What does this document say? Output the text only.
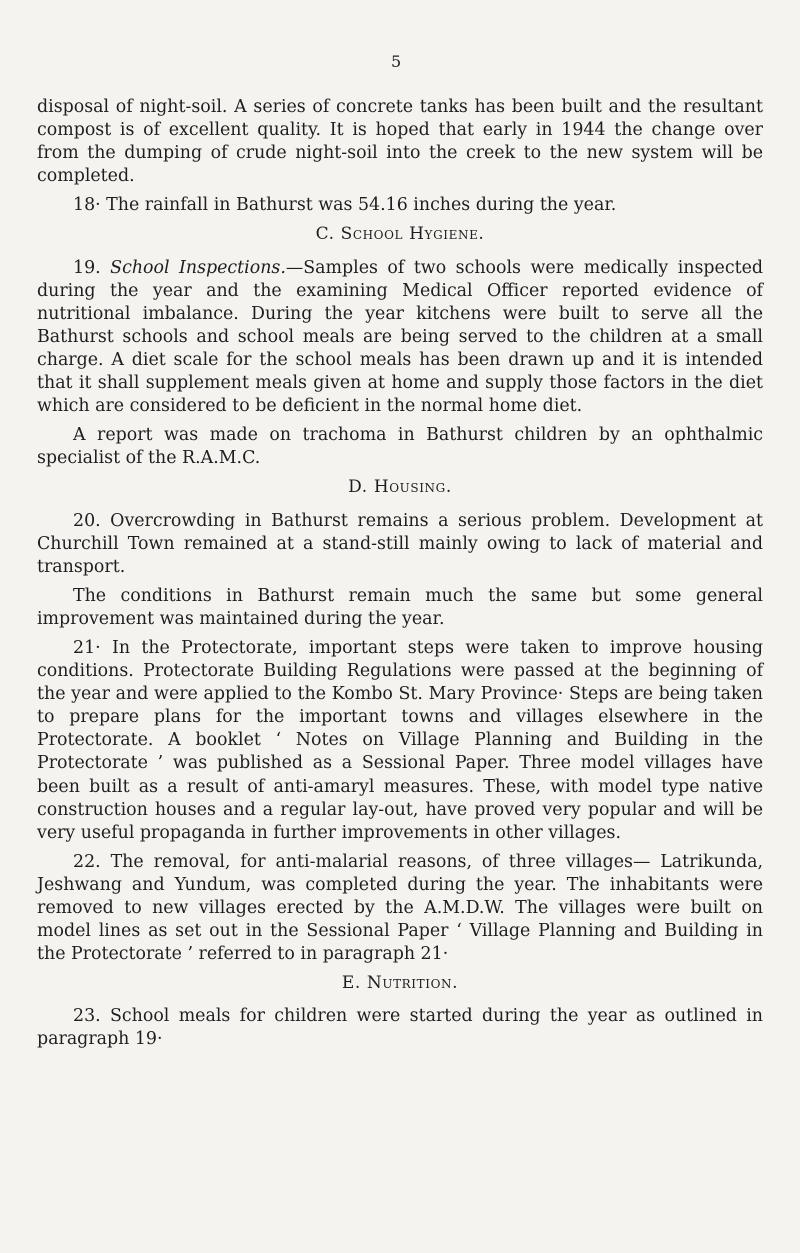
5

disposal of night-soil. A series of concrete tanks has been built and the resultant compost is of excellent quality. It is hoped that early in 1944 the change over from the dumping of crude night-soil into the creek to the new system will be completed.

18· The rainfall in Bathurst was 54.16 inches during the year.

C. School Hygiene.

19. School Inspections.—Samples of two schools were medically inspected during the year and the examining Medical Officer reported evidence of nutritional imbalance. During the year kitchens were built to serve all the Bathurst schools and school meals are being served to the children at a small charge. A diet scale for the school meals has been drawn up and it is intended that it shall supplement meals given at home and supply those factors in the diet which are considered to be deficient in the normal home diet.

A report was made on trachoma in Bathurst children by an ophthalmic specialist of the R.A.M.C.

D. Housing.

20. Overcrowding in Bathurst remains a serious problem. Development at Churchill Town remained at a stand-still mainly owing to lack of material and transport.

The conditions in Bathurst remain much the same but some general improvement was maintained during the year.

21· In the Protectorate, important steps were taken to improve housing conditions. Protectorate Building Regulations were passed at the beginning of the year and were applied to the Kombo St. Mary Province· Steps are being taken to prepare plans for the important towns and villages elsewhere in the Protectorate. A booklet ‘ Notes on Village Planning and Building in the Protectorate ’ was published as a Sessional Paper. Three model villages have been built as a result of anti-amaryl measures. These, with model type native construction houses and a regular lay-out, have proved very popular and will be very useful propaganda in further improvements in other villages.

22. The removal, for anti-malarial reasons, of three villages— Latrikunda, Jeshwang and Yundum, was completed during the year. The inhabitants were removed to new villages erected by the A.M.D.W. The villages were built on model lines as set out in the Sessional Paper ‘ Village Planning and Building in the Protectorate ’ referred to in paragraph 21·

E. Nutrition.

23. School meals for children were started during the year as outlined in paragraph 19·
